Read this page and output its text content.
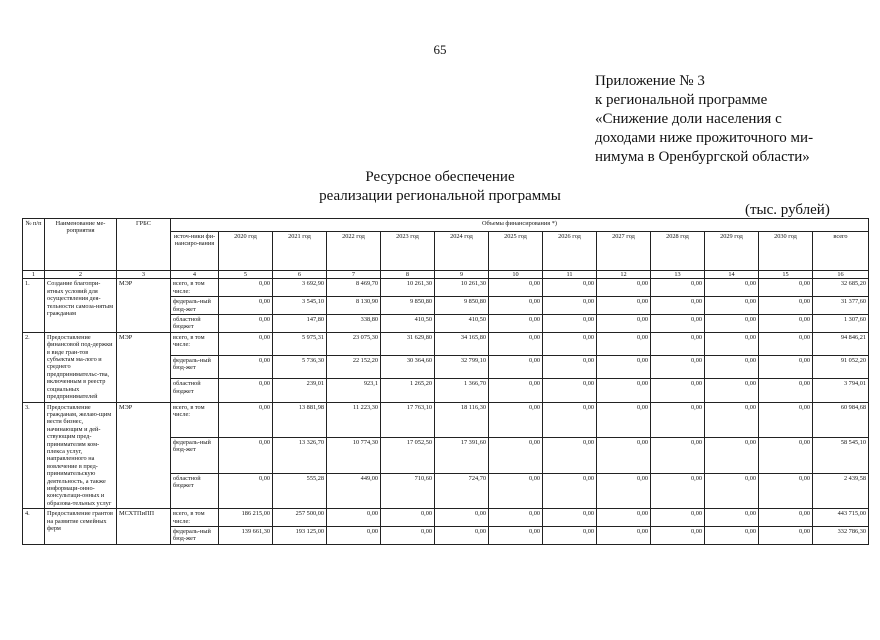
65
Приложение № 3
к региональной программе
«Снижение доли населения с
доходами ниже прожиточного ми-
нимума в Оренбургской области»
Ресурсное обеспечение
реализации региональной программы
(тыс. рублей)
№ п/п	Наименование ме-роприятия	ГРБС	Объемы финансирования *)												
			источ-ники фи-нансиро-вания	2020 год	2021 год	2022 год	2023 год	2024 год	2025 год	2026 год	2027 год	2028 год	2029 год	2030 год	всего
1	2	3	4	5	6	7	8	9	10	11	12	13	14	15	16
1.	Создание благопри-ятных условий для осуществления дея-тельности самоза-нятым гражданам	МЭР	всего, в том числе:	0,00	3 692,90	8 469,70	10 261,30	10 261,30	0,00	0,00	0,00	0,00	0,00	0,00	32 685,20
			федераль-ный бюд-жет	0,00	3 545,10	8 130,90	9 850,80	9 850,80	0,00	0,00	0,00	0,00	0,00	0,00	31 377,60
			областной бюджет	0,00	147,80	338,80	410,50	410,50	0,00	0,00	0,00	0,00	0,00	0,00	1 307,60
2.	Предоставление финансовой под-держки в виде гран-тов субъектам ма-лого и среднего предпринимательс-тва, включенным в реестр социальных предпринимателей	МЭР	всего, в том числе:	0,00	5 975,31	23 075,30	31 629,80	34 165,80	0,00	0,00	0,00	0,00	0,00	0,00	94 846,21
			федераль-ный бюд-жет	0,00	5 736,30	22 152,20	30 364,60	32 799,10	0,00	0,00	0,00	0,00	0,00	0,00	91 052,20
			областной бюджет	0,00	239,01	923,1	1 265,20	1 366,70	0,00	0,00	0,00	0,00	0,00	0,00	3 794,01
3.	Предоставление гражданам, желаю-щим вести бизнес, начинающим и дей-ствующим пред-принимателям ком-плекса услуг, направленного на вовлечение в пред-принимательскую деятельность, а также информаци-онно-консультаци-онных и образова-тельных услуг	МЭР	всего, в том числе:	0,00	13 881,98	11 223,30	17 763,10	18 116,30	0,00	0,00	0,00	0,00	0,00	0,00	60 984,68
			федераль-ный бюд-жет	0,00	13 326,70	10 774,30	17 052,50	17 391,60	0,00	0,00	0,00	0,00	0,00	0,00	58 545,10
			областной бюджет	0,00	555,28	449,00	710,60	724,70	0,00	0,00	0,00	0,00	0,00	0,00	2 439,58
4.	Предоставление грантов на развитие семейных ферм	МСХТПиПП	всего, в том числе:	186 215,00	257 500,00	0,00	0,00	0,00	0,00	0,00	0,00	0,00	0,00	0,00	443 715,00
			федераль-ный бюд-жет	139 661,30	193 125,00	0,00	0,00	0,00	0,00	0,00	0,00	0,00	0,00	0,00	332 786,30
